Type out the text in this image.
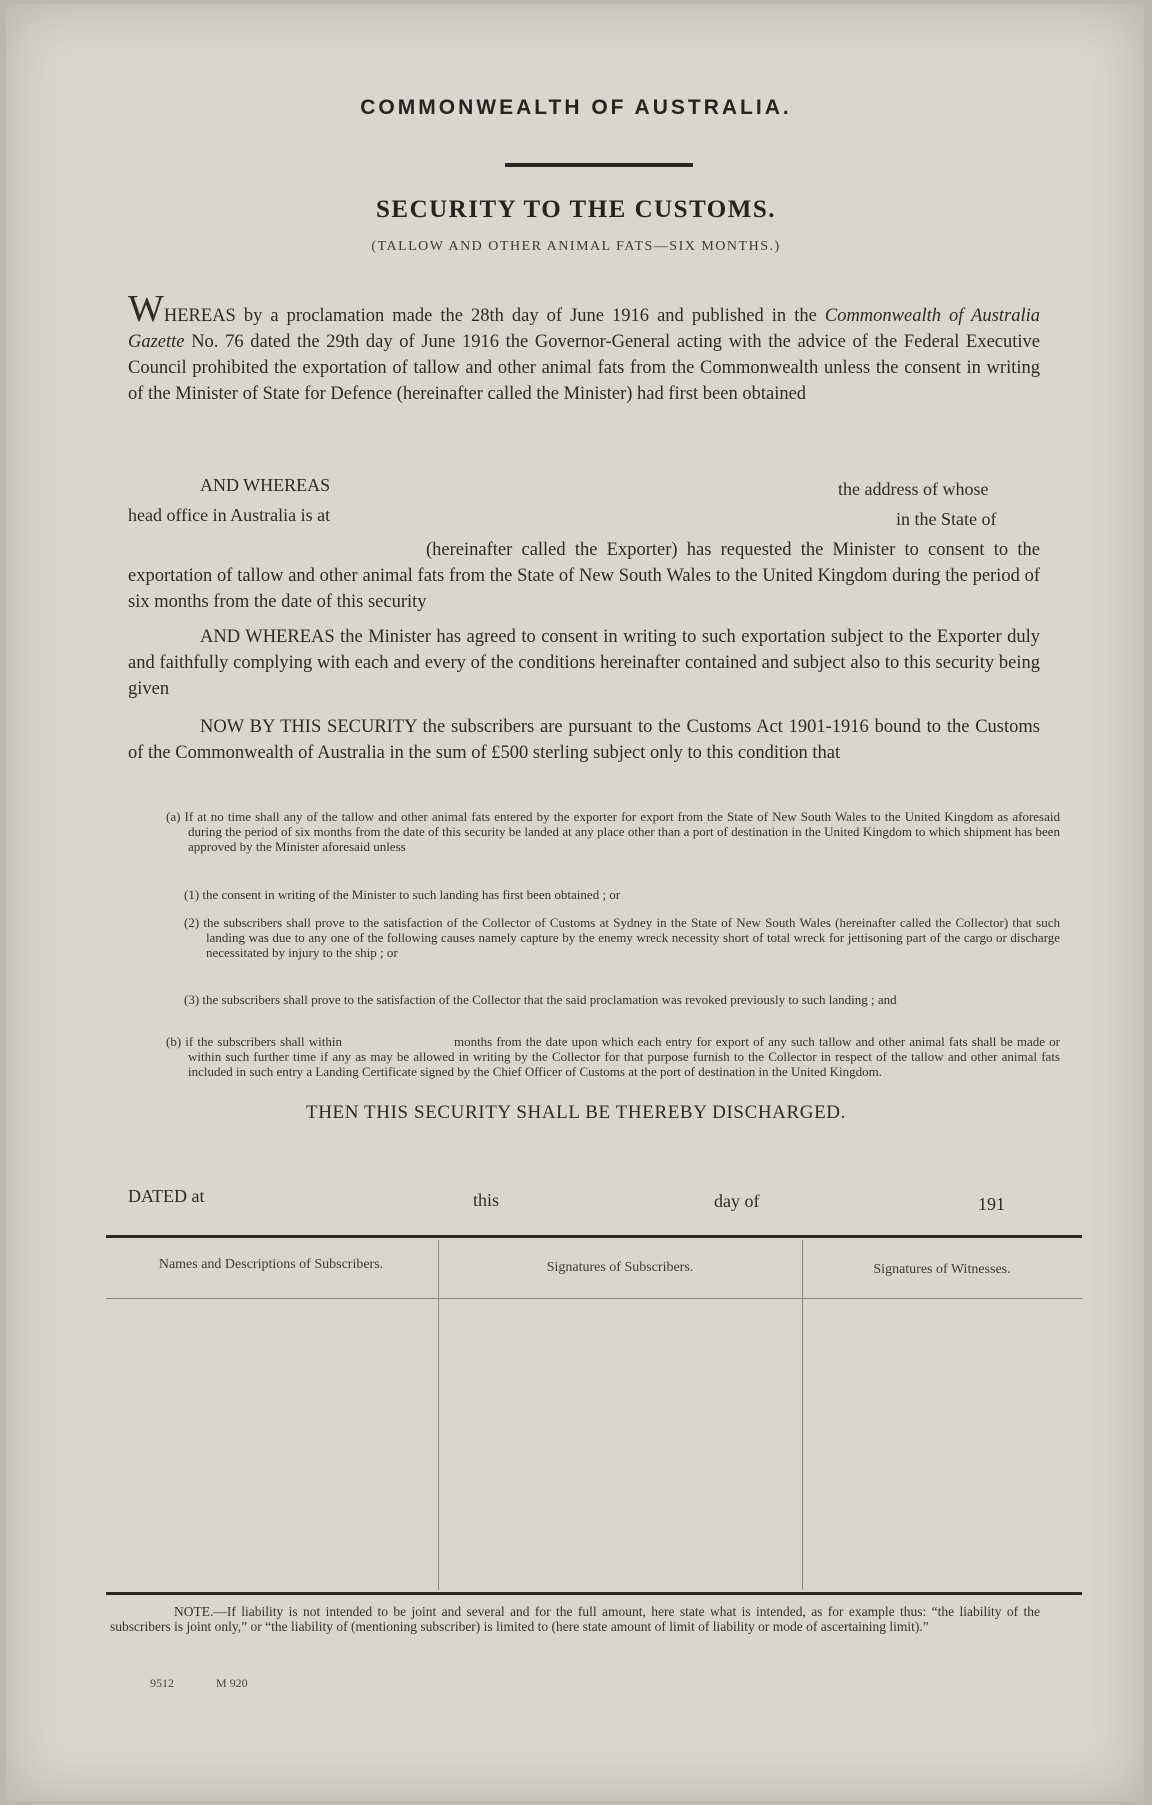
COMMONWEALTH OF AUSTRALIA.
SECURITY TO THE CUSTOMS.
(TALLOW AND OTHER ANIMAL FATS—SIX MONTHS.)
WHEREAS by a proclamation made the 28th day of June 1916 and published in the Commonwealth of Australia Gazette No. 76 dated the 29th day of June 1916 the Governor-General acting with the advice of the Federal Executive Council prohibited the exportation of tallow and other animal fats from the Commonwealth unless the consent in writing of the Minister of State for Defence (hereinafter called the Minister) had first been obtained
AND WHEREAS	the address of whose
head office in Australia is at	in the State of
(hereinafter called the Exporter) has requested the Minister to consent to the exportation of tallow and other animal fats from the State of New South Wales to the United Kingdom during the period of six months from the date of this security
AND WHEREAS the Minister has agreed to consent in writing to such exportation subject to the Exporter duly and faithfully complying with each and every of the conditions hereinafter contained and subject also to this security being given
NOW BY THIS SECURITY the subscribers are pursuant to the Customs Act 1901-1916 bound to the Customs of the Commonwealth of Australia in the sum of £500 sterling subject only to this condition that
(a) If at no time shall any of the tallow and other animal fats entered by the exporter for export from the State of New South Wales to the United Kingdom as aforesaid during the period of six months from the date of this security be landed at any place other than a port of destination in the United Kingdom to which shipment has been approved by the Minister aforesaid unless
(1) the consent in writing of the Minister to such landing has first been obtained ; or
(2) the subscribers shall prove to the satisfaction of the Collector of Customs at Sydney in the State of New South Wales (hereinafter called the Collector) that such landing was due to any one of the following causes namely capture by the enemy wreck necessity short of total wreck for jettisoning part of the cargo or discharge necessitated by injury to the ship ; or
(3) the subscribers shall prove to the satisfaction of the Collector that the said proclamation was revoked previously to such landing ; and
(b) if the subscribers shall within	months from the date upon which each entry for export of any such tallow and other animal fats shall be made or within such further time if any as may be allowed in writing by the Collector for that purpose furnish to the Collector in respect of the tallow and other animal fats included in such entry a Landing Certificate signed by the Chief Officer of Customs at the port of destination in the United Kingdom.
THEN THIS SECURITY SHALL BE THEREBY DISCHARGED.
DATED at	this	day of	191
Names and Descriptions of Subscribers.	Signatures of Subscribers.	Signatures of Witnesses.
NOTE.—If liability is not intended to be joint and several and for the full amount, here state what is intended, as for example thus: “the liability of the subscribers is joint only,” or “the liability of (mentioning subscriber) is limited to (here state amount of limit of liability or mode of ascertaining limit).”
9512	M 920
